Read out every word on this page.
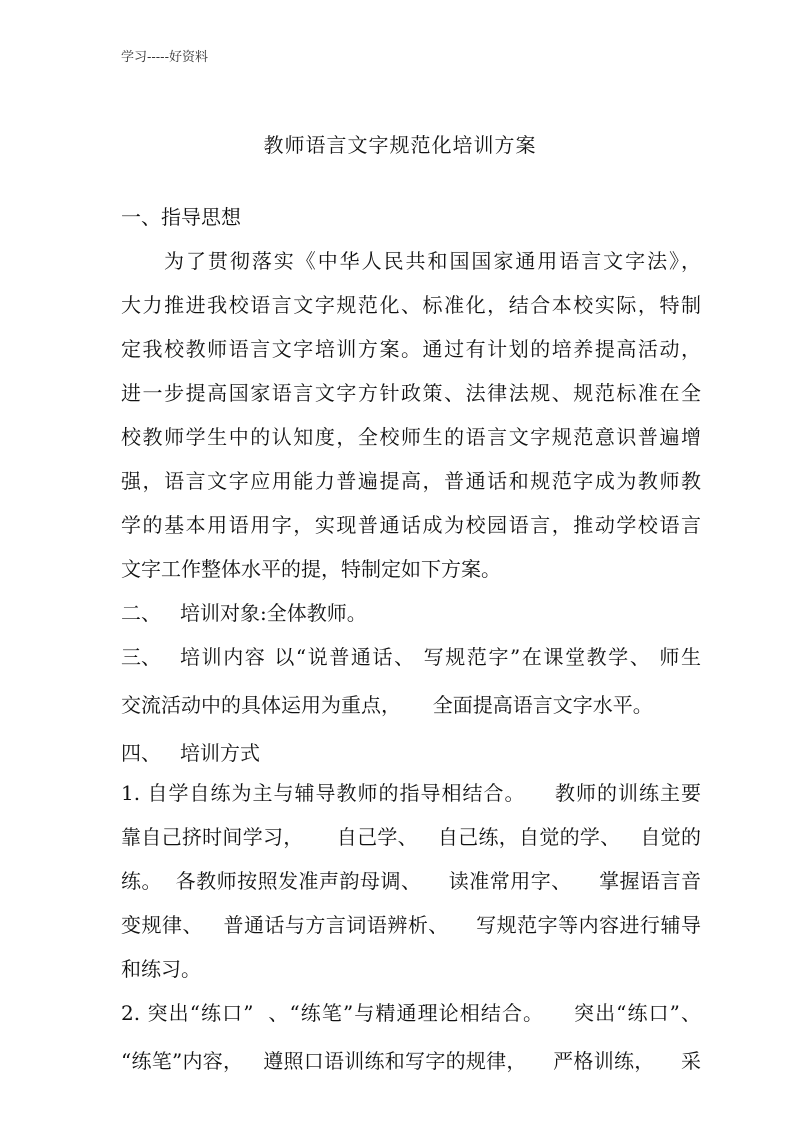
学习-----好资料
教师语言文字规范化培训方案
一、指导思想
为了贯彻落实《中华人民共和国国家通用语言文字法》，
大力推进我校语言文字规范化、标准化，结合本校实际，特制
定我校教师语言文字培训方案。通过有计划的培养提高活动，
进一步提高国家语言文字方针政策、法律法规、规范标准在全
校教师学生中的认知度，全校师生的语言文字规范意识普遍增
强，语言文字应用能力普遍提高，普通话和规范字成为教师教
学的基本用语用字，实现普通话成为校园语言，推动学校语言
文字工作整体水平的提，特制定如下方案。
二、 培训对象:全体教师。
三、 培训内容 以“说普通话、 写规范字”在课堂教学、 师生
交流活动中的具体运用为重点，     全面提高语言文字水平。
四、 培训方式
1. 自学自练为主与辅导教师的指导相结合。    教师的训练主要
靠自己挤时间学习，     自己学、   自己练，自觉的学、   自觉的
练。  各教师按照发准声韵母调、    读准常用字、    掌握语言音
变规律、   普通话与方言词语辨析、    写规范字等内容进行辅导
和练习。
2. 突出“练口”  、“练笔”与精通理论相结合。    突出“练口”、
“练笔”内容，   遵照口语训练和写字的规律，    严格训练，    采
